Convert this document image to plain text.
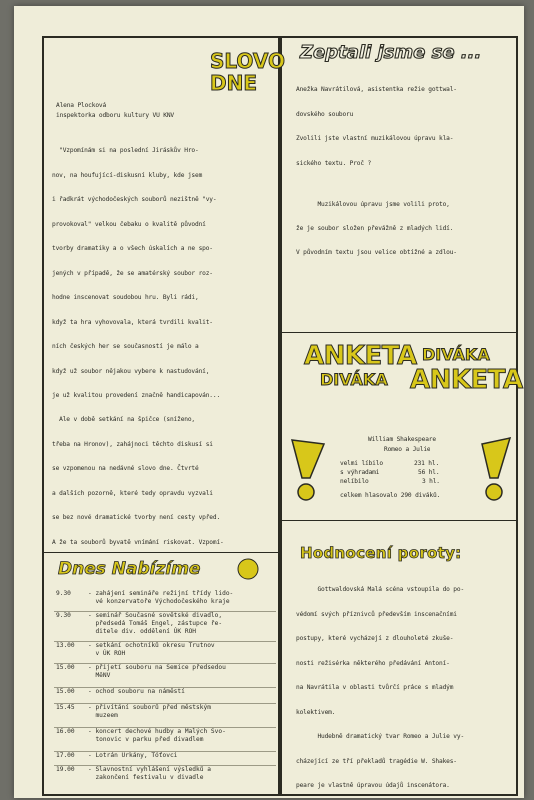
SLOVO DNE
Alena Plocková
inspektorka odboru kultury VÚ KNV

"Vzpomínám si na poslední Jiráskův Hro-

nov, na houfující-diskusní kluby, kde jsem

i řadkrát východočeských souborů nezištně "vy-

provokoval" velkou čebaku o kvalitě původní

tvorby dramatiky a o všech úskalích a ne spo-

jených v případě, že se amatérský soubor roz-

hodne inscenovat soudobou hru. Byli rádi,

když ta hra vyhovovala, která tvrdili kvalit-

ních českých her se současností je málo a

když už soubor nějakou vybere k nastudování,

je už kvalitou provedení značně handicapován...

Ale v době setkání na špičce (sníženo,

třeba na Hronov), zahájnoci těchto diskusí si

se vzpomenou na nedávné slovo dne. Čtvrté

a dalších pozorně, které tedy opravdu vyzvali

se bez nové dramatické tvorby není cesty vpřed.

A že ta souborů byvatě vnímání riskovat. Vzpomí-

Dnes Nabízíme
9.30	- zahájení semináře režijní třídy lido-
vé konzervatoře Východočeského kraje
9.30	- seminář Současné sovětské divadlo,
předsedá Tomáš Engel, zástupce ře-
ditele div. oddělení ÚK ROH
13.00	- setkání ochotníků okresu Trutnov
v ÚK ROH
15.00	- přijetí souboru na Semice předsedou
MěNV
15.00	- ochod souboru na náměstí
15.45	- přivítání souborů před městským
muzeem
16.00	- koncert dechové hudby a Malých Svo-
tonovic v parku před divadlem
17.00	- Lotrán Úrkány, Tóťovci
19.00	- Slavnostní vyhlášení výsledků a
zakončení festivalu v divadle
Zeptali jsme se ...

Anežka Navrátilová, asistentka režie gottwal-

dovského souboru

Zvolili jste vlastní muzikálovou úpravu kla-

sického textu. Proč ?

Muzikálovou úpravu jsme volili proto,

že je soubor složen převážně z mladých lidí.

V původním textu jsou velice obtížné a zdlou-

ANKETA DIVÁKA
DIVÁKA ANKETA
William Shakespeare
Romeo a Julie
velmi líbilo	231 hl.
s výhradami	56 hl.
nelíbilo	3 hl.
celkem hlasovalo 290 diváků.
Hodnocení poroty:

Gottwaldovská Malá scéna vstoupila do po-

védomí svých příznivců především inscenačními

postupy, které vycházejí z dlouholeté zkuše-

nosti režisérka některého předávání Antoní-

na Navrátila v oblasti tvůrčí práce s mladým

kolektivem.

Hudebně dramatický tvar Romeo a Julie vy-

cházející ze tří překladů tragédie W. Shakes-

peare je vlastně úpravou údajů inscenátora.
